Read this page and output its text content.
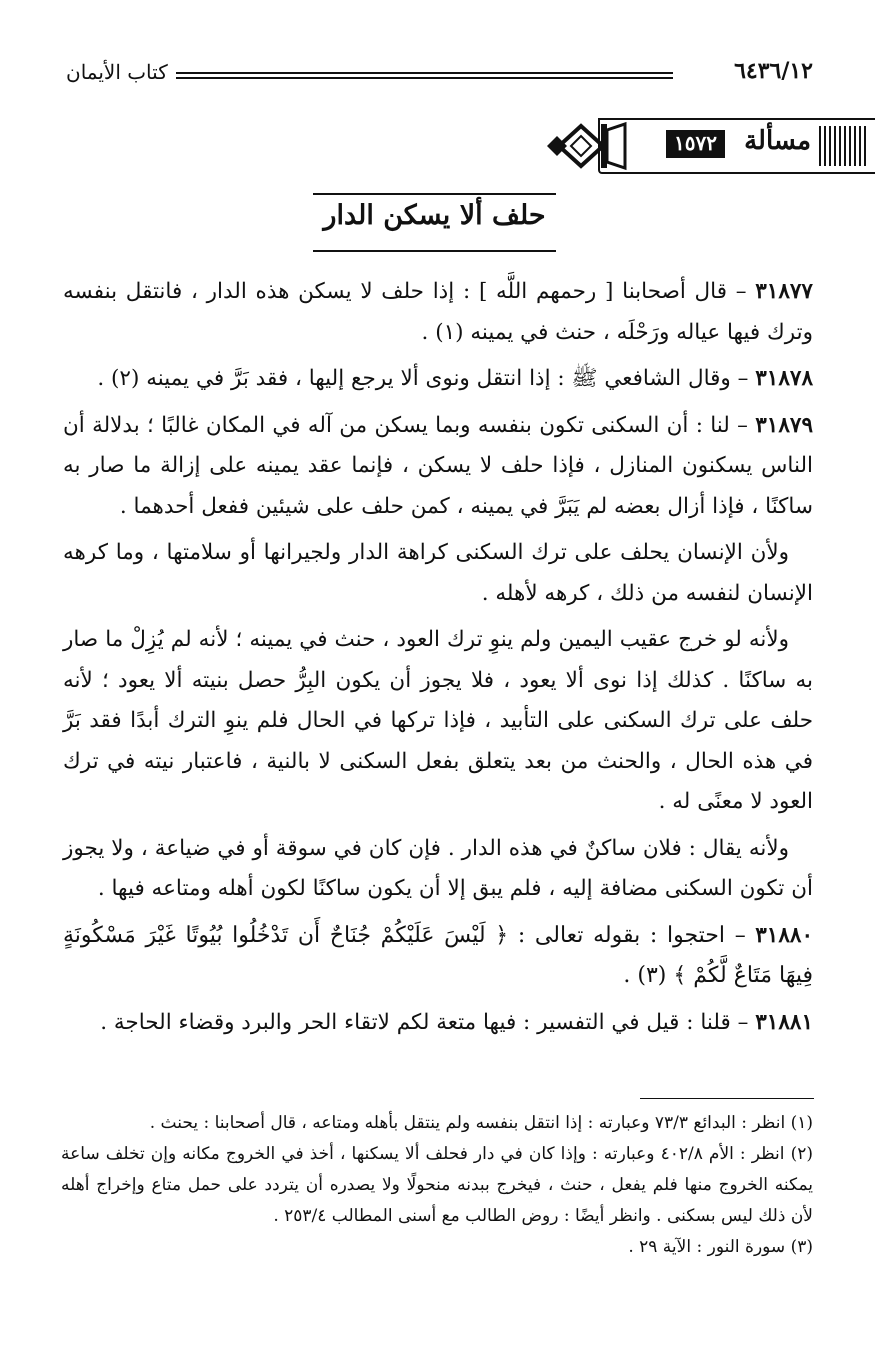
٦٤٣٦/١٢
كتاب الأيمان
مسألة
١٥٧٢
حلف ألا يسكن الدار

٣١٨٧٧ – قال أصحابنا [ رحمهم اللَّه ] : إذا حلف لا يسكن هذه الدار ، فانتقل بنفسه وترك فيها عياله ورَحْلَه ، حنث في يمينه (١) .

٣١٨٧٨ – وقال الشافعي ﷺ : إذا انتقل ونوى ألا يرجع إليها ، فقد بَرَّ في يمينه (٢) .

٣١٨٧٩ – لنا : أن السكنى تكون بنفسه وبما يسكن من آله في المكان غالبًا ؛ بدلالة أن الناس يسكنون المنازل ، فإذا حلف لا يسكن ، فإنما عقد يمينه على إزالة ما صار به ساكنًا ، فإذا أزال بعضه لم يَبَرَّ في يمينه ، كمن حلف على شيئين ففعل أحدهما .

ولأن الإنسان يحلف على ترك السكنى كراهة الدار ولجيرانها أو سلامتها ، وما كرهه الإنسان لنفسه من ذلك ، كرهه لأهله .

ولأنه لو خرج عقيب اليمين ولم ينوِ ترك العود ، حنث في يمينه ؛ لأنه لم يُزِلْ ما صار به ساكنًا . كذلك إذا نوى ألا يعود ، فلا يجوز أن يكون البِرُّ حصل بنيته ألا يعود ؛ لأنه حلف على ترك السكنى على التأبيد ، فإذا تركها في الحال فلم ينوِ الترك أبدًا فقد بَرَّ في هذه الحال ، والحنث من بعد يتعلق بفعل السكنى لا بالنية ، فاعتبار نيته في ترك العود لا معنًى له .

ولأنه يقال : فلان ساكنٌ في هذه الدار . فإن كان في سوقة أو في ضياعة ، ولا يجوز أن تكون السكنى مضافة إليه ، فلم يبق إلا أن يكون ساكنًا لكون أهله ومتاعه فيها .

٣١٨٨٠ – احتجوا : بقوله تعالى : ﴿ لَيْسَ عَلَيْكُمْ جُنَاحٌ أَن تَدْخُلُوا بُيُوتًا غَيْرَ مَسْكُونَةٍ فِيهَا مَتَاعٌ لَّكُمْ ﴾ (٣) .

٣١٨٨١ – قلنا : قيل في التفسير : فيها متعة لكم لاتقاء الحر والبرد وقضاء الحاجة .

(١) انظر : البدائع ٧٣/٣ وعبارته : إذا انتقل بنفسه ولم ينتقل بأهله ومتاعه ، قال أصحابنا : يحنث .

(٢) انظر : الأم ٤٠٢/٨ وعبارته : وإذا كان في دار فحلف ألا يسكنها ، أخذ في الخروج مكانه وإن تخلف ساعة يمكنه الخروج منها فلم يفعل ، حنث ، فيخرج ببدنه منحولًا ولا يصدره أن يتردد على حمل متاع وإخراج أهله لأن ذلك ليس بسكنى . وانظر أيضًا : روض الطالب مع أسنى المطالب ٢٥٣/٤ .

(٣) سورة النور : الآية ٢٩ .
